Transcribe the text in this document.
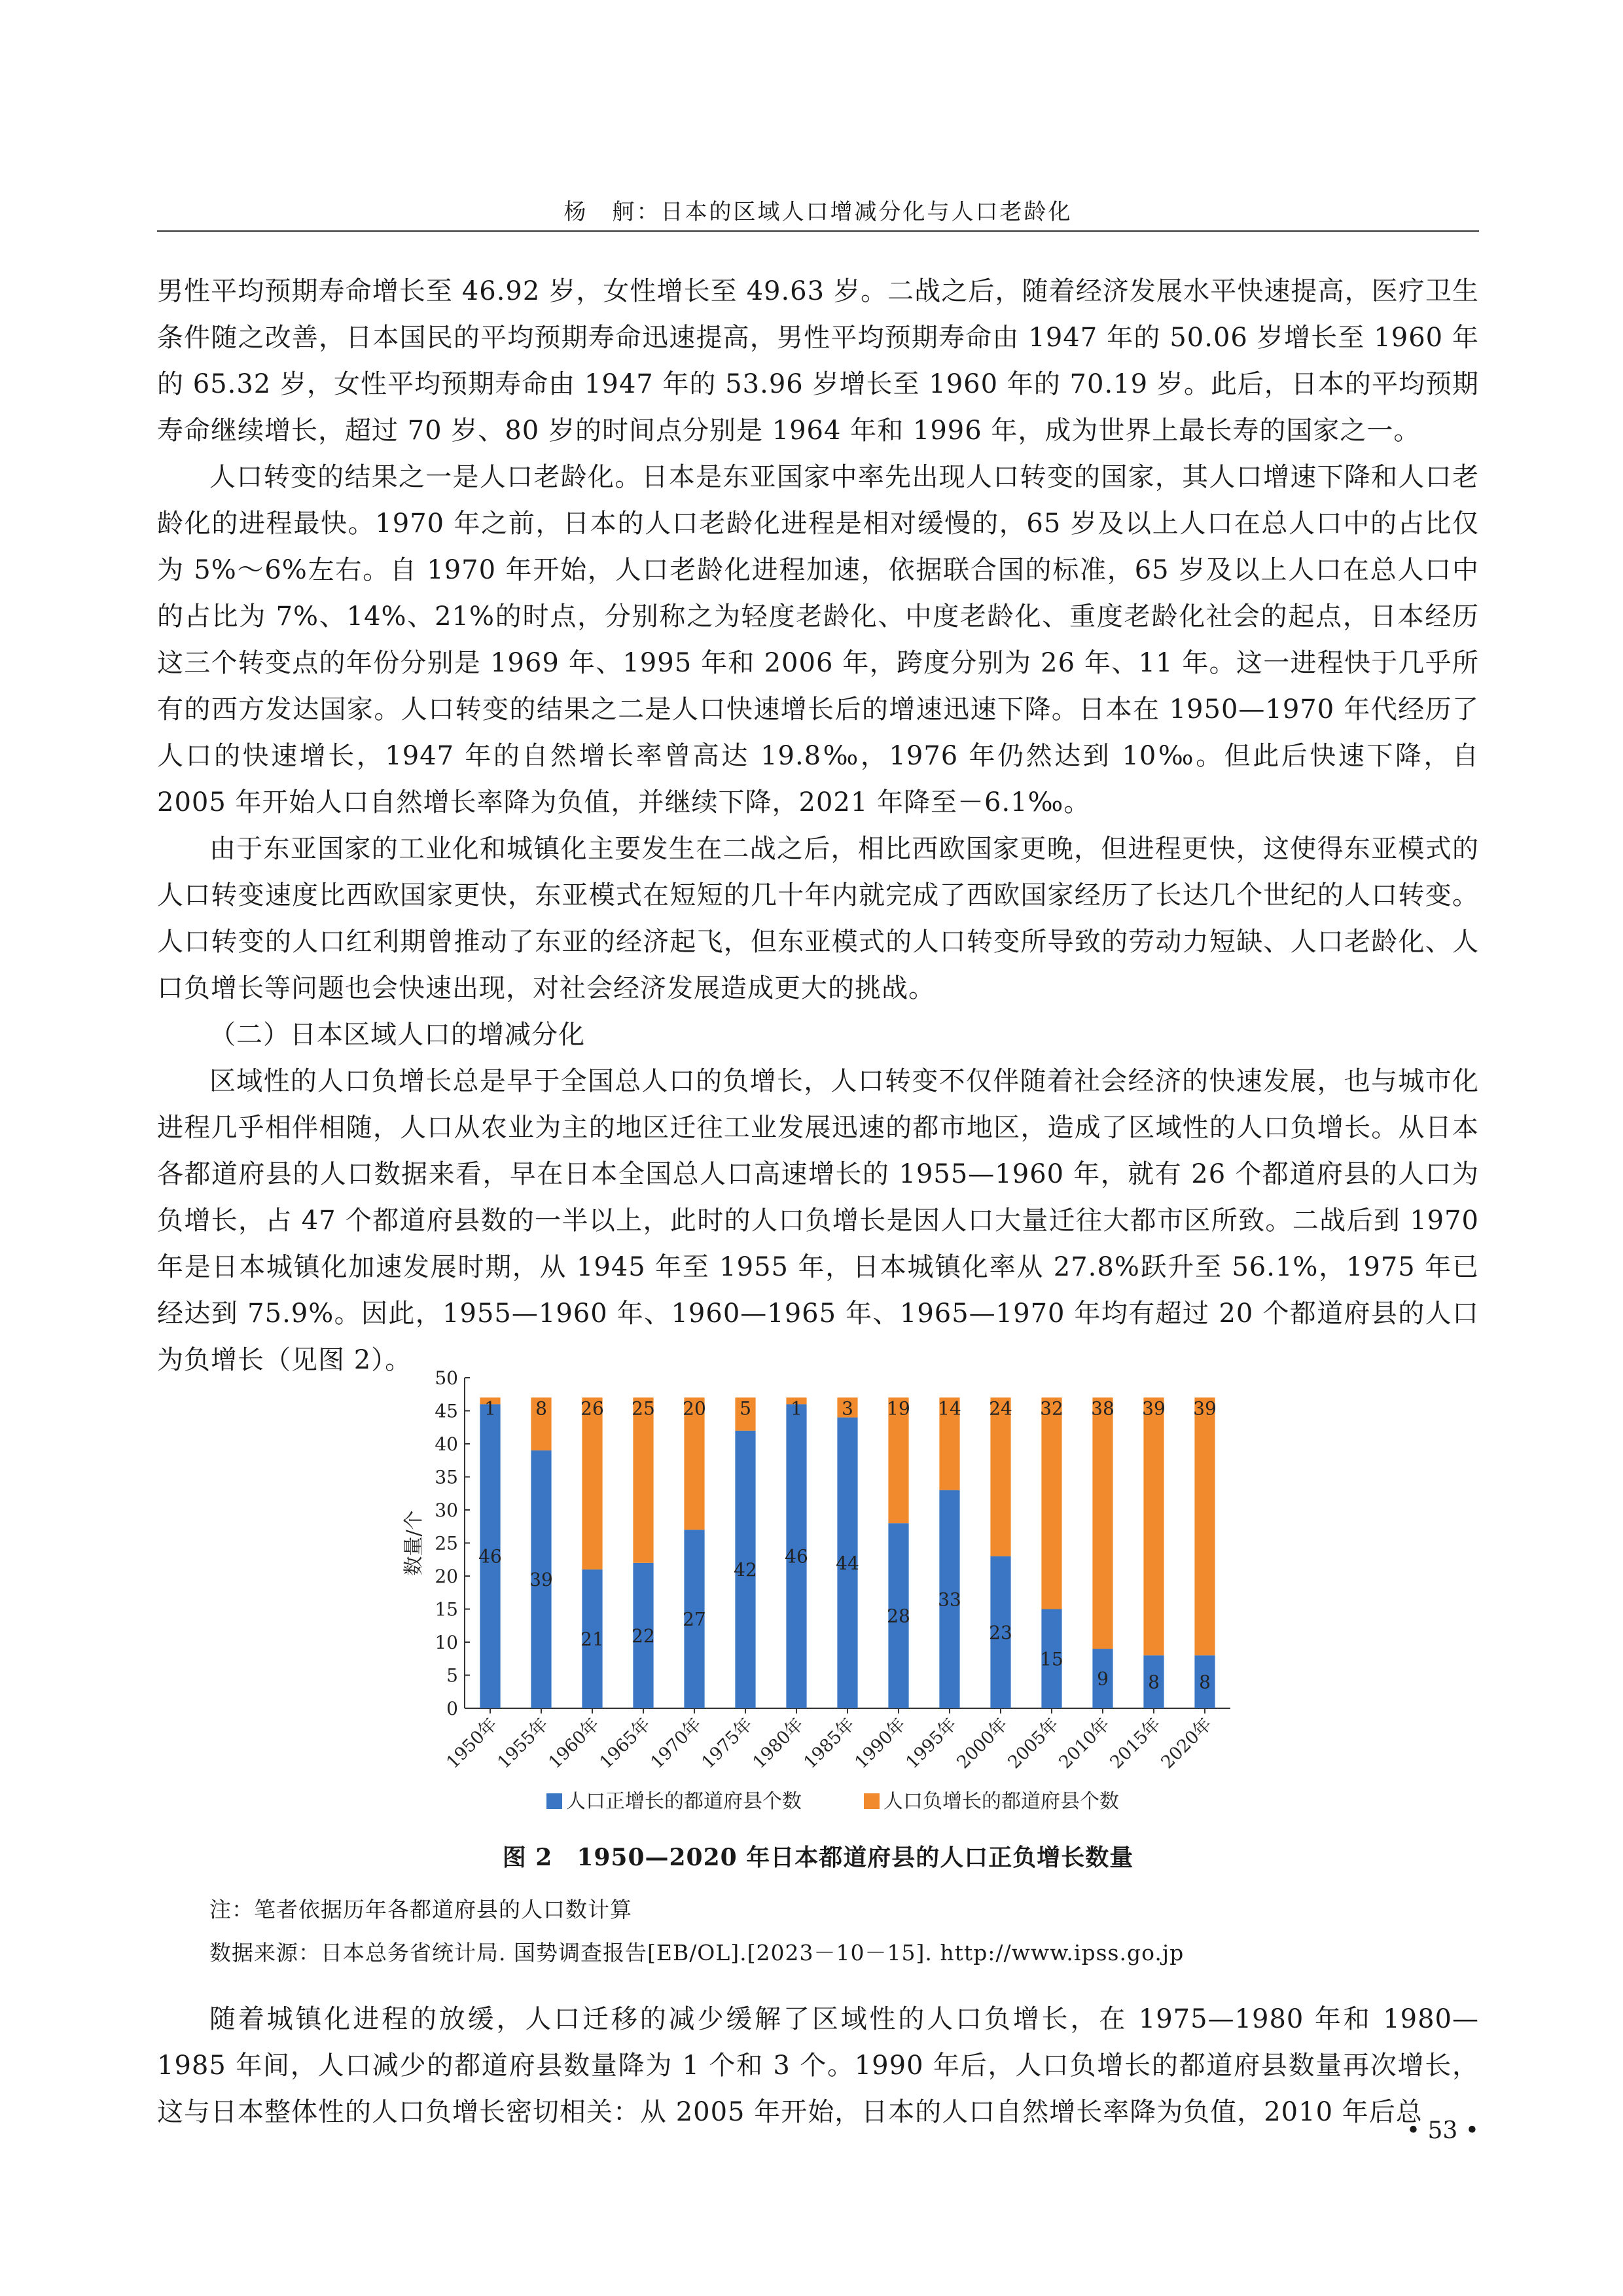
杨　舸：日本的区域人口增减分化与人口老龄化

男性平均预期寿命增长至 46.92 岁，女性增长至 49.63 岁。二战之后，随着经济发展水平快速提高，医疗卫生条件随之改善，日本国民的平均预期寿命迅速提高，男性平均预期寿命由 1947 年的 50.06 岁增长至 1960 年的 65.32 岁，女性平均预期寿命由 1947 年的 53.96 岁增长至 1960 年的 70.19 岁。此后，日本的平均预期寿命继续增长，超过 70 岁、80 岁的时间点分别是 1964 年和 1996 年，成为世界上最长寿的国家之一。

人口转变的结果之一是人口老龄化。日本是东亚国家中率先出现人口转变的国家，其人口增速下降和人口老龄化的进程最快。1970 年之前，日本的人口老龄化进程是相对缓慢的，65 岁及以上人口在总人口中的占比仅为 5%～6%左右。自 1970 年开始，人口老龄化进程加速，依据联合国的标准，65 岁及以上人口在总人口中的占比为 7%、14%、21%的时点，分别称之为轻度老龄化、中度老龄化、重度老龄化社会的起点，日本经历这三个转变点的年份分别是 1969 年、1995 年和 2006 年，跨度分别为 26 年、11 年。这一进程快于几乎所有的西方发达国家。人口转变的结果之二是人口快速增长后的增速迅速下降。日本在 1950—1970 年代经历了人口的快速增长，1947 年的自然增长率曾高达 19.8‰，1976 年仍然达到 10‰。但此后快速下降，自 2005 年开始人口自然增长率降为负值，并继续下降，2021 年降至－6.1‰。

由于东亚国家的工业化和城镇化主要发生在二战之后，相比西欧国家更晚，但进程更快，这使得东亚模式的人口转变速度比西欧国家更快，东亚模式在短短的几十年内就完成了西欧国家经历了长达几个世纪的人口转变。人口转变的人口红利期曾推动了东亚的经济起飞，但东亚模式的人口转变所导致的劳动力短缺、人口老龄化、人口负增长等问题也会快速出现，对社会经济发展造成更大的挑战。

（二）日本区域人口的增减分化

区域性的人口负增长总是早于全国总人口的负增长，人口转变不仅伴随着社会经济的快速发展，也与城市化进程几乎相伴相随，人口从农业为主的地区迁往工业发展迅速的都市地区，造成了区域性的人口负增长。从日本各都道府县的人口数据来看，早在日本全国总人口高速增长的 1955—1960 年，就有 26 个都道府县的人口为负增长，占 47 个都道府县数的一半以上，此时的人口负增长是因人口大量迁往大都市区所致。二战后到 1970 年是日本城镇化加速发展时期，从 1945 年至 1955 年，日本城镇化率从 27.8%跃升至 56.1%，1975 年已经达到 75.9%。因此，1955—1960 年、1960—1965 年、1965—1970 年均有超过 20 个都道府县的人口为负增长（见图 2）。

0
5
10
15
20
25
30
35
40
45
50
数量/个	46
1
1950年
39
8
1955年
21
26
1960年
22
25
1965年
27
20
1970年
42
5
1975年
46
1
1980年
44
3
1985年
28
19
1990年
33
14
1995年
23
24
2000年
15
32
2005年
9
38
2010年
8
39
2015年
8
39
2020年
人口正增长的都道府县个数	人口负增长的都道府县个数
图 2　1950—2020 年日本都道府县的人口正负增长数量
注：笔者依据历年各都道府县的人口数计算
数据来源：日本总务省统计局. 国势调查报告[EB/OL].[2023－10－15]. http://www.ipss.go.jp

随着城镇化进程的放缓，人口迁移的减少缓解了区域性的人口负增长，在 1975—1980 年和 1980—1985 年间，人口减少的都道府县数量降为 1 个和 3 个。1990 年后，人口负增长的都道府县数量再次增长，这与日本整体性的人口负增长密切相关：从 2005 年开始，日本的人口自然增长率降为负值，2010 年后总

• 53 •
